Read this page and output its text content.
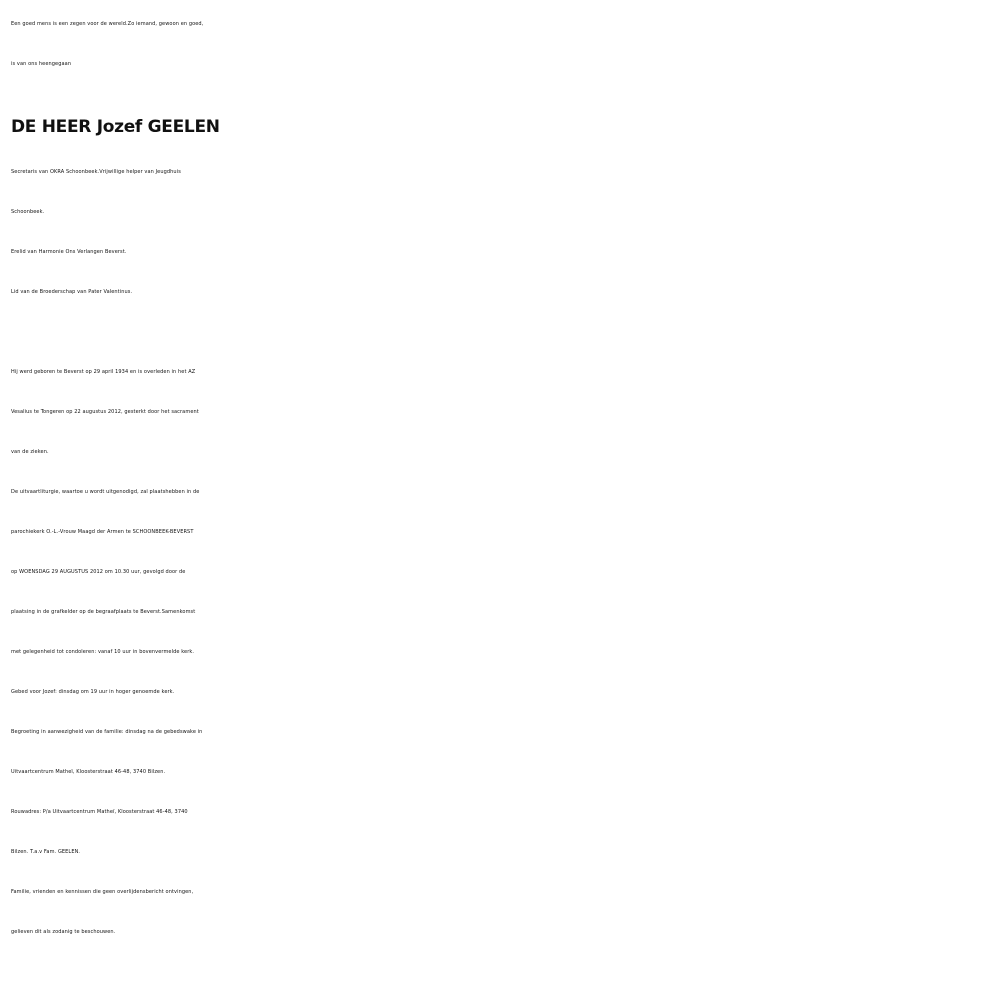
Een goed mens is een zegen voor de wereld.Zo iemand, gewoon en goed,

is van ons heengegaan

DE HEER Jozef GEELEN

Secretaris van OKRA Schoonbeek.Vrijwillige helper van Jeugdhuis

Schoonbeek.

Erelid van Harmonie Ons Verlangen Beverst.

Lid van de Broederschap van Pater Valentinus.

Hij werd geboren te Beverst op 29 april 1934 en is overleden in het AZ

Vesalius te Tongeren op 22 augustus 2012, gesterkt door het sacrament

van de zieken.

De uitvaartliturgie, waartoe u wordt uitgenodigd, zal plaatshebben in de

parochiekerk O.-L.-Vrouw Maagd der Armen te SCHOONBEEK-BEVERST

op WOENSDAG 29 AUGUSTUS 2012 om 10.30 uur, gevolgd door de

plaatsing in de grafkelder op de begraafplaats te Beverst.Samenkomst

met gelegenheid tot condoleren: vanaf 10 uur in bovenvermelde kerk.

Gebed voor Jozef: dinsdag om 19 uur in hoger genoemde kerk.

Begroeting in aanwezigheid van de familie: dinsdag na de gebedswake in

Uitvaartcentrum Matheï, Kloosterstraat 46-48, 3740 Bilzen.

Rouwadres: P/a Uitvaartcentrum Matheï, Kloosterstraat 46-48, 3740

Bilzen. T.a.v Fam. GEELEN.

Familie, vrienden en kennissen die geen overlijdensbericht ontvingen,

gelieven dit als zodanig te beschouwen.
